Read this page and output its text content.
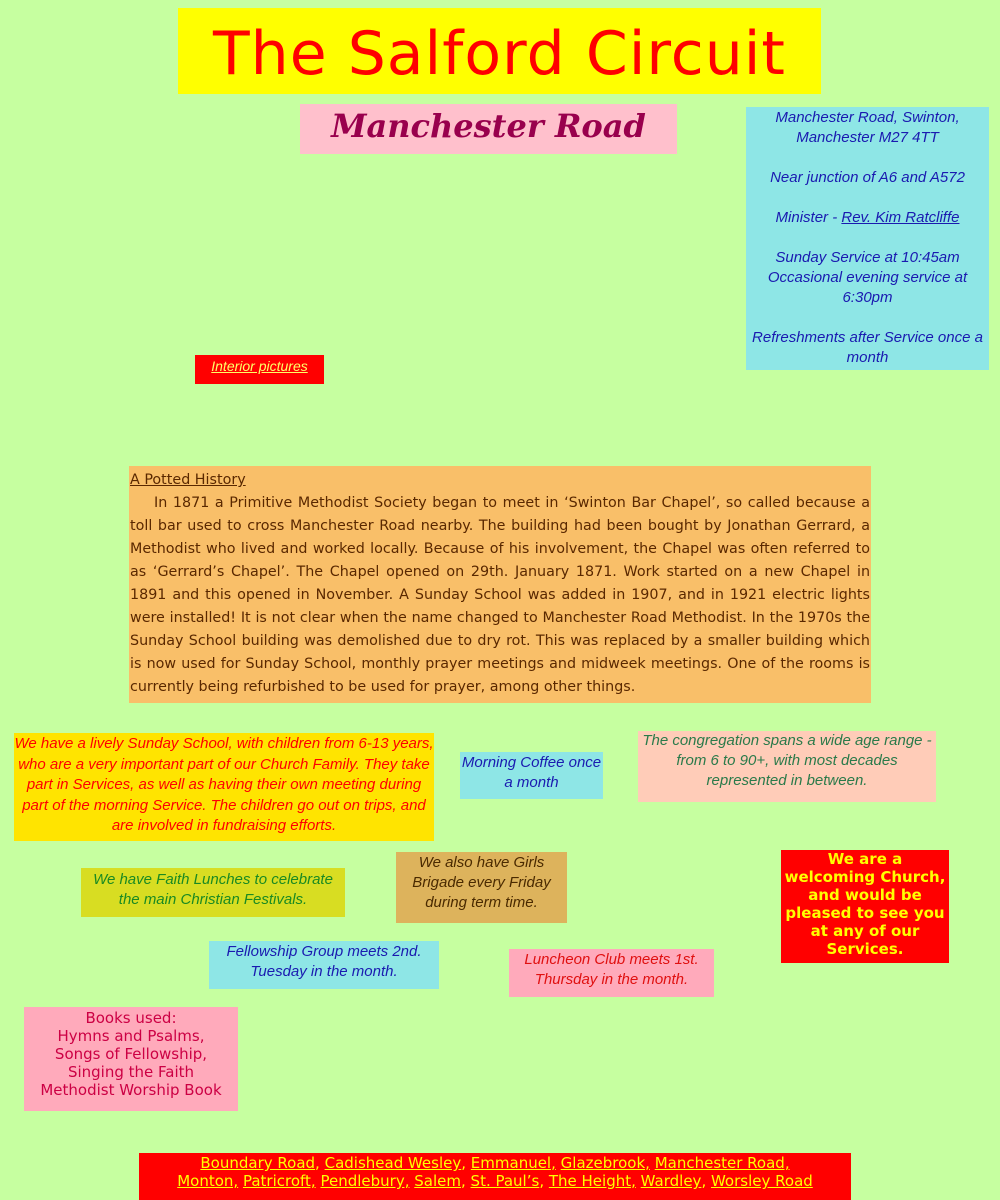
The Salford Circuit
Manchester Road	Manchester Road, Swinton,
Manchester M27 4TT

Near junction of A6 and A572

Minister - Rev. Kim Ratcliffe

Sunday Service at 10:45am
Occasional evening service at 6:30pm

Refreshments after Service once a month

Interior pictures
A Potted History

In 1871 a Primitive Methodist Society began to meet in ‘Swinton Bar Chapel’, so called because a toll bar used to cross Manchester Road nearby. The building had been bought by Jonathan Gerrard, a Methodist who lived and worked locally. Because of his involvement, the Chapel was often referred to as ‘Gerrard’s Chapel’. The Chapel opened on 29th. January 1871. Work started on a new Chapel in 1891 and this opened in November. A Sunday School was added in 1907, and in 1921 electric lights were installed! It is not clear when the name changed to Manchester Road Methodist. In the 1970s the Sunday School building was demolished due to dry rot. This was replaced by a smaller building which is now used for Sunday School, monthly prayer meetings and midweek meetings. One of the rooms is currently being refurbished to be used for prayer, among other things.

We have a lively Sunday School, with children from 6-13 years, who are a very important part of our Church Family. They take part in Services, as well as having their own meeting during part of the morning Service. The children go out on trips, and are involved in fundraising efforts.
Morning Coffee once a month
The congregation spans a wide age range - from 6 to 90+, with most decades represented in between.
We have Faith Lunches to celebrate the main Christian Festivals.
We also have Girls Brigade every Friday during term time.
We are a welcoming Church, and would be pleased to see you at any of our Services.
Fellowship Group meets 2nd. Tuesday in the month.
Luncheon Club meets 1st. Thursday in the month.
Books used:
Hymns and Psalms,
Songs of Fellowship,
Singing the Faith
Methodist Worship Book
Boundary Road, Cadishead Wesley, Emmanuel, Glazebrook, Manchester Road,
Monton, Patricroft, Pendlebury, Salem, St. Paul’s, The Height, Wardley, Worsley Road
